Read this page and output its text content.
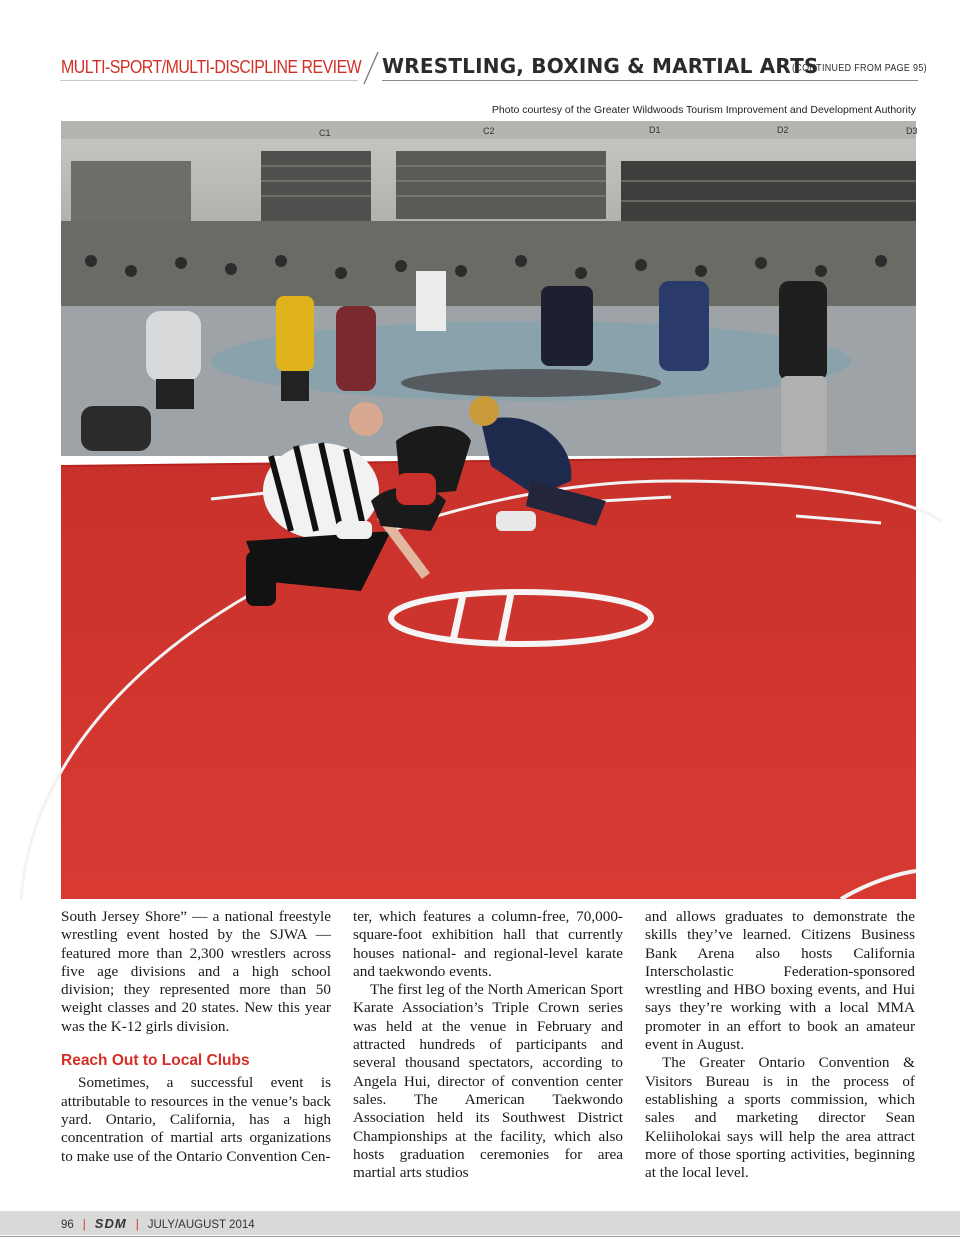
MULTI-SPORT/MULTI-DISCIPLINE REVIEW WRESTLING, BOXING & MARTIAL ARTS
(CONTINUED FROM PAGE 95)
Photo courtesy of the Greater Wildwoods Tourism Improvement and Development Authority
C1	C2	D1	D2	D3

South Jersey Shore” — a national freestyle wrestling event hosted by the SJWA — featured more than 2,300 wrestlers across five age divisions and a high school division; they represented more than 50 weight classes and 20 states. New this year was the K-12 girls division.

Reach Out to Local Clubs

Sometimes, a successful event is attributable to resources in the venue’s back yard. Ontario, California, has a high concentration of martial arts organizations to make use of the Ontario Convention Cen-

ter, which features a column-free, 70,000-square-foot exhibition hall that currently houses national- and regional-level karate and taekwondo events.

The first leg of the North American Sport Karate Association’s Triple Crown series was held at the venue in February and attracted hundreds of participants and several thousand spectators, according to Angela Hui, director of convention center sales. The American Taekwondo Association held its Southwest District Championships at the facility, which also hosts graduation ceremonies for area martial arts studios

and allows graduates to demonstrate the skills they’ve learned. Citizens Business Bank Arena also hosts California Interscholastic Federation-sponsored wrestling and HBO boxing events, and Hui says they’re working with a local MMA promoter in an effort to book an amateur event in August.

The Greater Ontario Convention & Visitors Bureau is in the process of establishing a sports commission, which sales and marketing director Sean Keliiholokai says will help the area attract more of those sporting activities, beginning at the local level.

96 | SDM | JULY/AUGUST 2014
